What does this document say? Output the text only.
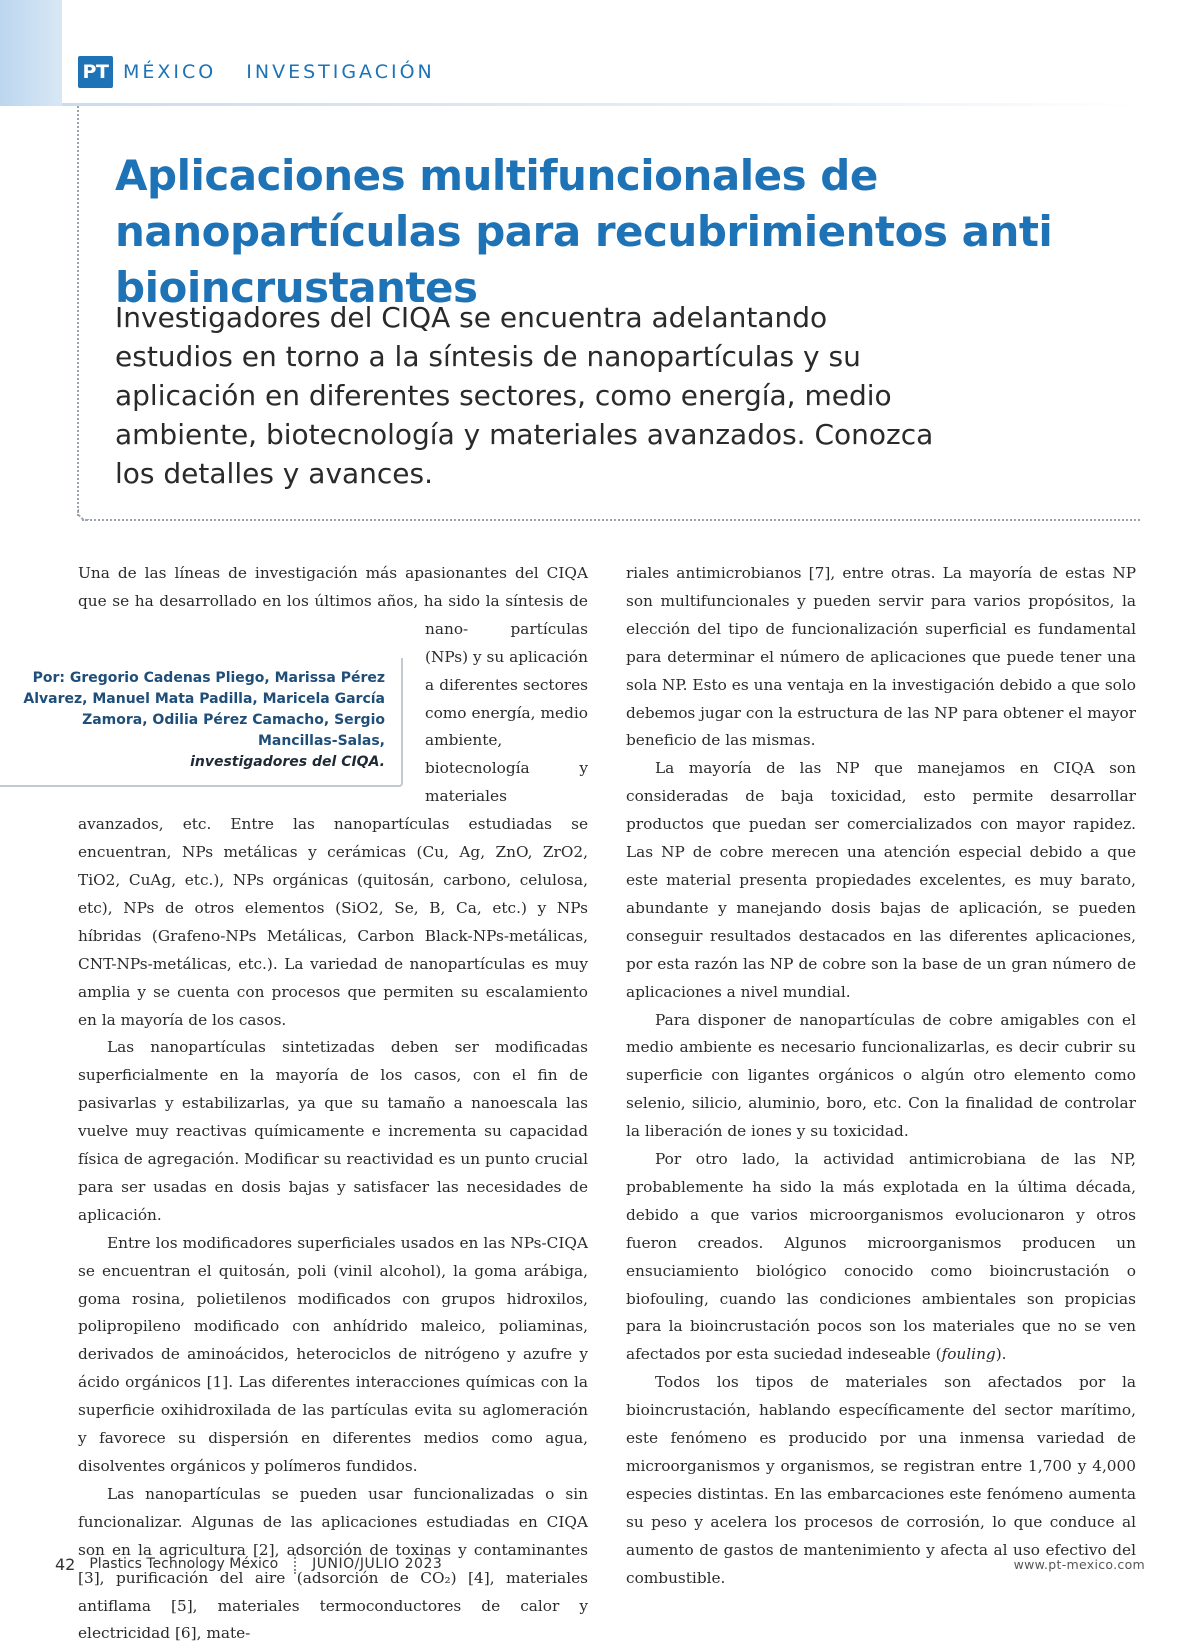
PT MÉXICO INVESTIGACIÓN
Aplicaciones multifuncionales de nanopartículas para recubrimientos anti bioincrustantes

Investigadores del CIQA se encuentra adelantando estudios en torno a la síntesis de nanopartículas y su aplicación en diferentes sectores, como energía, medio ambiente, biotecnología y materiales avanzados. Conozca los detalles y avances.

Una de las líneas de investigación más apasionantes del CIQA que se ha desarrollado en los últimos años, ha sido la síntesis de nano-
Por: Gregorio Cadenas Pliego, Marissa Pérez Alvarez, Manuel Mata Padilla, Maricela García Zamora, Odilia Pérez Camacho, Sergio Mancillas-Salas,
investigadores del CIQA.
partículas (NPs) y su aplicación a diferentes sectores como energía, medio ambiente, biotecnología y materiales avanzados, etc. Entre las nanopartículas estudiadas se encuentran, NPs metálicas y cerámicas (Cu, Ag, ZnO, ZrO2, TiO2, CuAg, etc.), NPs orgánicas (quitosán, carbono, celulosa, etc), NPs de otros elementos (SiO2, Se, B, Ca, etc.) y NPs híbridas (Grafeno-NPs Metálicas, Carbon Black-NPs-metálicas, CNT-NPs-metálicas, etc.). La variedad de nanopartículas es muy amplia y se cuenta con procesos que permiten su escalamiento en la mayoría de los casos.

Las nanopartículas sintetizadas deben ser modificadas superficialmente en la mayoría de los casos, con el fin de pasivarlas y estabilizarlas, ya que su tamaño a nanoescala las vuelve muy reactivas químicamente e incrementa su capacidad física de agregación. Modificar su reactividad es un punto crucial para ser usadas en dosis bajas y satisfacer las necesidades de aplicación.

Entre los modificadores superficiales usados en las NPs-CIQA se encuentran el quitosán, poli (vinil alcohol), la goma arábiga, goma rosina, polietilenos modificados con grupos hidroxilos, polipropileno modificado con anhídrido maleico, poliaminas, derivados de aminoácidos, heterociclos de nitrógeno y azufre y ácido orgánicos [1]. Las diferentes interacciones químicas con la superficie oxihidroxilada de las partículas evita su aglomeración y favorece su dispersión en diferentes medios como agua, disolventes orgánicos y polímeros fundidos.

Las nanopartículas se pueden usar funcionalizadas o sin funcionalizar. Algunas de las aplicaciones estudiadas en CIQA son en la agricultura [2], adsorción de toxinas y contaminantes [3], purificación del aire (adsorción de CO₂) [4], materiales antiflama [5], materiales termoconductores de calor y electricidad [6], mate-

riales antimicrobianos [7], entre otras. La mayoría de estas NP son multifuncionales y pueden servir para varios propósitos, la elección del tipo de funcionalización superficial es fundamental para determinar el número de aplicaciones que puede tener una sola NP. Esto es una ventaja en la investigación debido a que solo debemos jugar con la estructura de las NP para obtener el mayor beneficio de las mismas.

La mayoría de las NP que manejamos en CIQA son consideradas de baja toxicidad, esto permite desarrollar productos que puedan ser comercializados con mayor rapidez. Las NP de cobre merecen una atención especial debido a que este material presenta propiedades excelentes, es muy barato, abundante y manejando dosis bajas de aplicación, se pueden conseguir resultados destacados en las diferentes aplicaciones, por esta razón las NP de cobre son la base de un gran número de aplicaciones a nivel mundial.

Para disponer de nanopartículas de cobre amigables con el medio ambiente es necesario funcionalizarlas, es decir cubrir su superficie con ligantes orgánicos o algún otro elemento como selenio, silicio, aluminio, boro, etc. Con la finalidad de controlar la liberación de iones y su toxicidad.

Por otro lado, la actividad antimicrobiana de las NP, probablemente ha sido la más explotada en la última década, debido a que varios microorganismos evolucionaron y otros fueron creados. Algunos microorganismos producen un ensuciamiento biológico conocido como bioincrustación o biofouling, cuando las condiciones ambientales son propicias para la bioincrustación pocos son los materiales que no se ven afectados por esta suciedad indeseable (fouling).

Todos los tipos de materiales son afectados por la bioincrustación, hablando específicamente del sector marítimo, este fenómeno es producido por una inmensa variedad de microorganismos y organismos, se registran entre 1,700 y 4,000 especies distintas. En las embarcaciones este fenómeno aumenta su peso y acelera los procesos de corrosión, lo que conduce al aumento de gastos de mantenimiento y afecta al uso efectivo del combustible.

42 Plastics Technology México JUNIO/JULIO 2023	www.pt-mexico.com
